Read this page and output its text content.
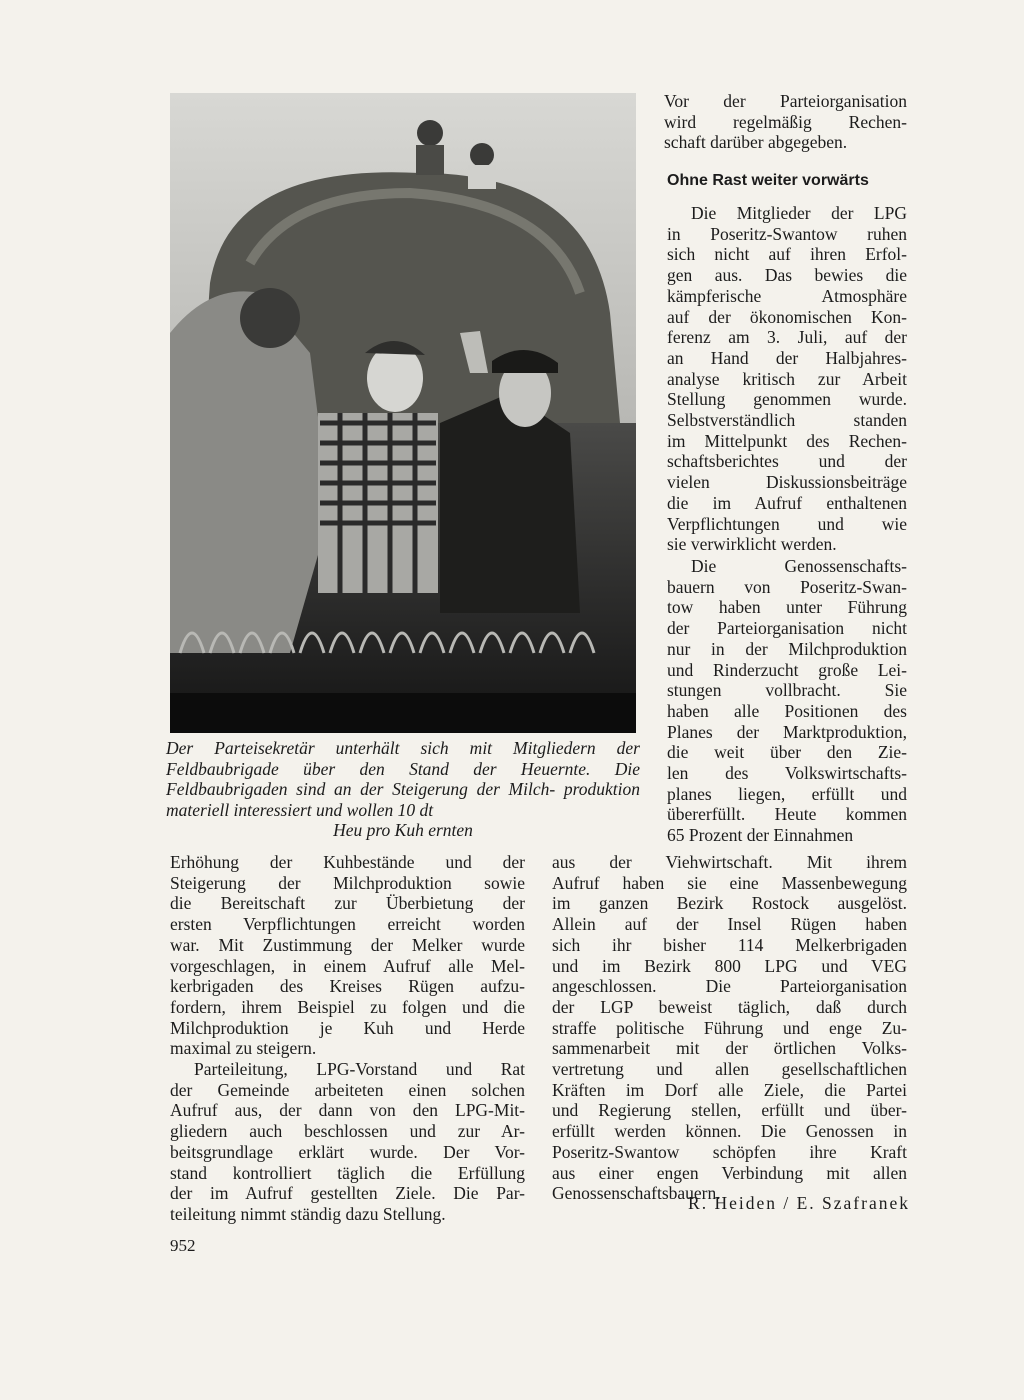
Der Parteisekretär unterhält sich mit Mitgliedern der Feldbaubrigade über den Stand der Heuernte. Die Feldbaubrigaden sind an der Steigerung der Milch- produktion materiell interessiert und wollen 10 dt
Heu pro Kuh ernten
Vor der Parteiorganisation
wird regelmäßig Rechen-
schaft darüber abgegeben.
Ohne Rast weiter vorwärts
Die Mitglieder der LPG
in Poseritz-Swantow ruhen
sich nicht auf ihren Erfol-
gen aus. Das bewies die
kämpferische Atmosphäre
auf der ökonomischen Kon-
ferenz am 3. Juli, auf der
an Hand der Halbjahres-
analyse kritisch zur Arbeit
Stellung genommen wurde.
Selbstverständlich standen
im Mittelpunkt des Rechen-
schaftsberichtes und der
vielen Diskussionsbeiträge
die im Aufruf enthaltenen
Verpflichtungen und wie
sie verwirklicht werden.
Die Genossenschafts-
bauern von Poseritz-Swan-
tow haben unter Führung
der Parteiorganisation nicht
nur in der Milchproduktion
und Rinderzucht große Lei-
stungen vollbracht. Sie
haben alle Positionen des
Planes der Marktproduktion,
die weit über den Zie-
len des Volkswirtschafts-
planes liegen, erfüllt und
übererfüllt. Heute kommen
65 Prozent der Einnahmen
aus der Viehwirtschaft. Mit ihrem
Aufruf haben sie eine Massenbewegung
im ganzen Bezirk Rostock ausgelöst.
Allein auf der Insel Rügen haben
sich ihr bisher 114 Melkerbrigaden
und im Bezirk 800 LPG und VEG
angeschlossen. Die Parteiorganisation
der LGP beweist täglich, daß durch
straffe politische Führung und enge Zu-
sammenarbeit mit der örtlichen Volks-
vertretung und allen gesellschaftlichen
Kräften im Dorf alle Ziele, die Partei
und Regierung stellen, erfüllt und über-
erfüllt werden können. Die Genossen in
Poseritz-Swantow schöpfen ihre Kraft
aus einer engen Verbindung mit allen
Genossenschaftsbauern.
Erhöhung der Kuhbestände und der
Steigerung der Milchproduktion sowie
die Bereitschaft zur Überbietung der
ersten Verpflichtungen erreicht worden
war. Mit Zustimmung der Melker wurde
vorgeschlagen, in einem Aufruf alle Mel-
kerbrigaden des Kreises Rügen aufzu-
fordern, ihrem Beispiel zu folgen und die
Milchproduktion je Kuh und Herde
maximal zu steigern.
Parteileitung, LPG-Vorstand und Rat
der Gemeinde arbeiteten einen solchen
Aufruf aus, der dann von den LPG-Mit-
gliedern auch beschlossen und zur Ar-
beitsgrundlage erklärt wurde. Der Vor-
stand kontrolliert täglich die Erfüllung
der im Aufruf gestellten Ziele. Die Par-
teileitung nimmt ständig dazu Stellung.
R. Heiden / E. Szafranek
952
